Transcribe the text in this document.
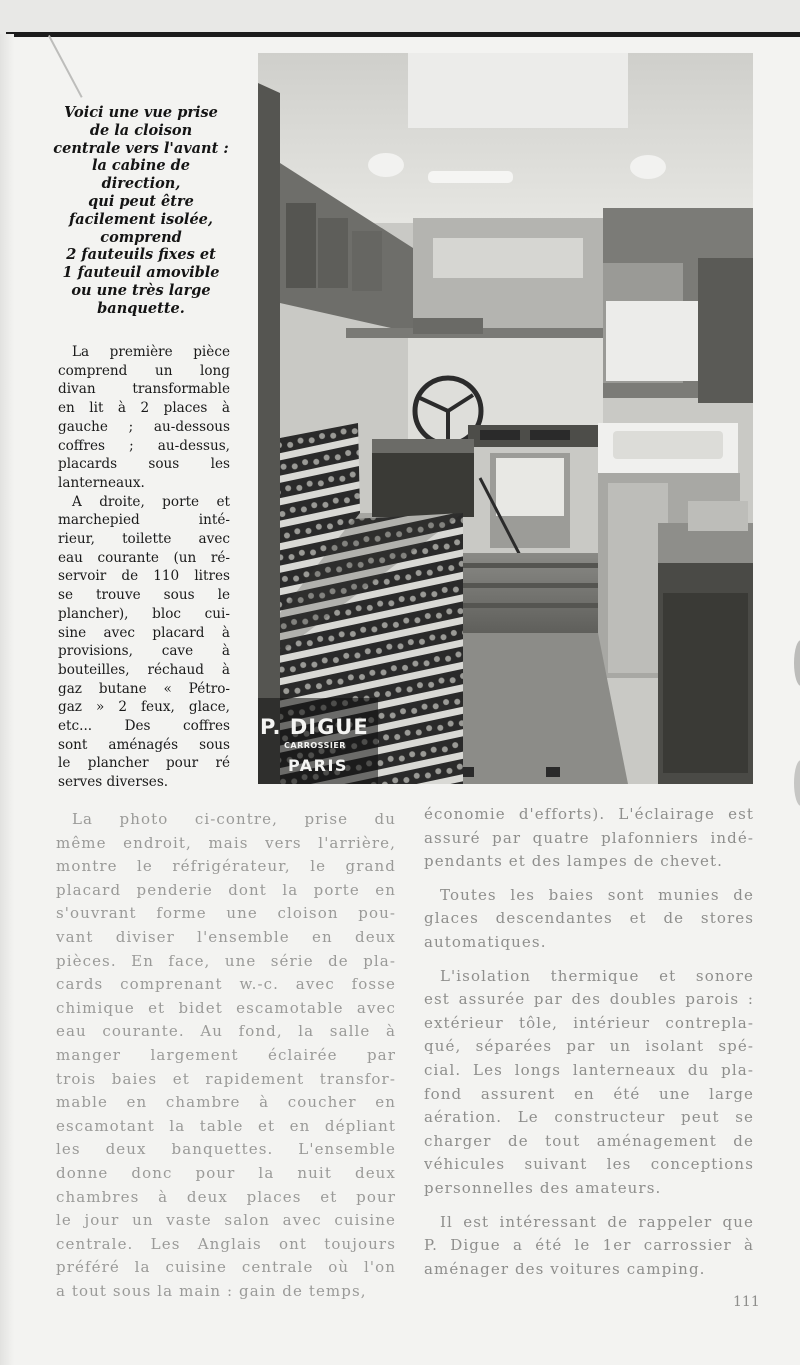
Voici une vue prise
de la cloison
centrale vers l'avant :
la cabine de
direction,
qui peut être
facilement isolée,
comprend
2 fauteuils fixes et
1 fauteuil amovible
ou une très large
banquette.
La première pièce
comprend un long
divan transformable
en lit à 2 places à
gauche ; au-dessous
coffres ; au-dessus,
placards sous les
lanterneaux.
A droite, porte et
marchepied inté-
rieur, toilette avec
eau courante (un ré-
servoir de 110 litres
se trouve sous le
plancher), bloc cui-
sine avec placard à
provisions, cave à
bouteilles, réchaud à
gaz butane « Pétro-
gaz » 2 feux, glace,
etc... Des coffres
sont aménagés sous
le plancher pour ré
serves diverses.
P. DIGUE
CARROSSIER
PARIS
La photo ci-contre, prise du
même endroit, mais vers l'arrière,
montre le réfrigérateur, le grand
placard penderie dont la porte en
s'ouvrant forme une cloison pou-
vant diviser l'ensemble en deux
pièces. En face, une série de pla-
cards comprenant w.-c. avec fosse
chimique et bidet escamotable avec
eau courante. Au fond, la salle à
manger largement éclairée par
trois baies et rapidement transfor-
mable en chambre à coucher en
escamotant la table et en dépliant
les deux banquettes. L'ensemble
donne donc pour la nuit deux
chambres à deux places et pour
le jour un vaste salon avec cuisine
centrale. Les Anglais ont toujours
préféré la cuisine centrale où l'on
a tout sous la main : gain de temps,
économie d'efforts). L'éclairage est
assuré par quatre plafonniers indé-
pendants et des lampes de chevet.
Toutes les baies sont munies de
glaces descendantes et de stores
automatiques.
L'isolation thermique et sonore
est assurée par des doubles parois :
extérieur tôle, intérieur contrepla-
qué, séparées par un isolant spé-
cial. Les longs lanterneaux du pla-
fond assurent en été une large
aération. Le constructeur peut se
charger de tout aménagement de
véhicules suivant les conceptions
personnelles des amateurs.
Il est intéressant de rappeler que
P. Digue a été le 1er carrossier à
aménager des voitures camping.
111
